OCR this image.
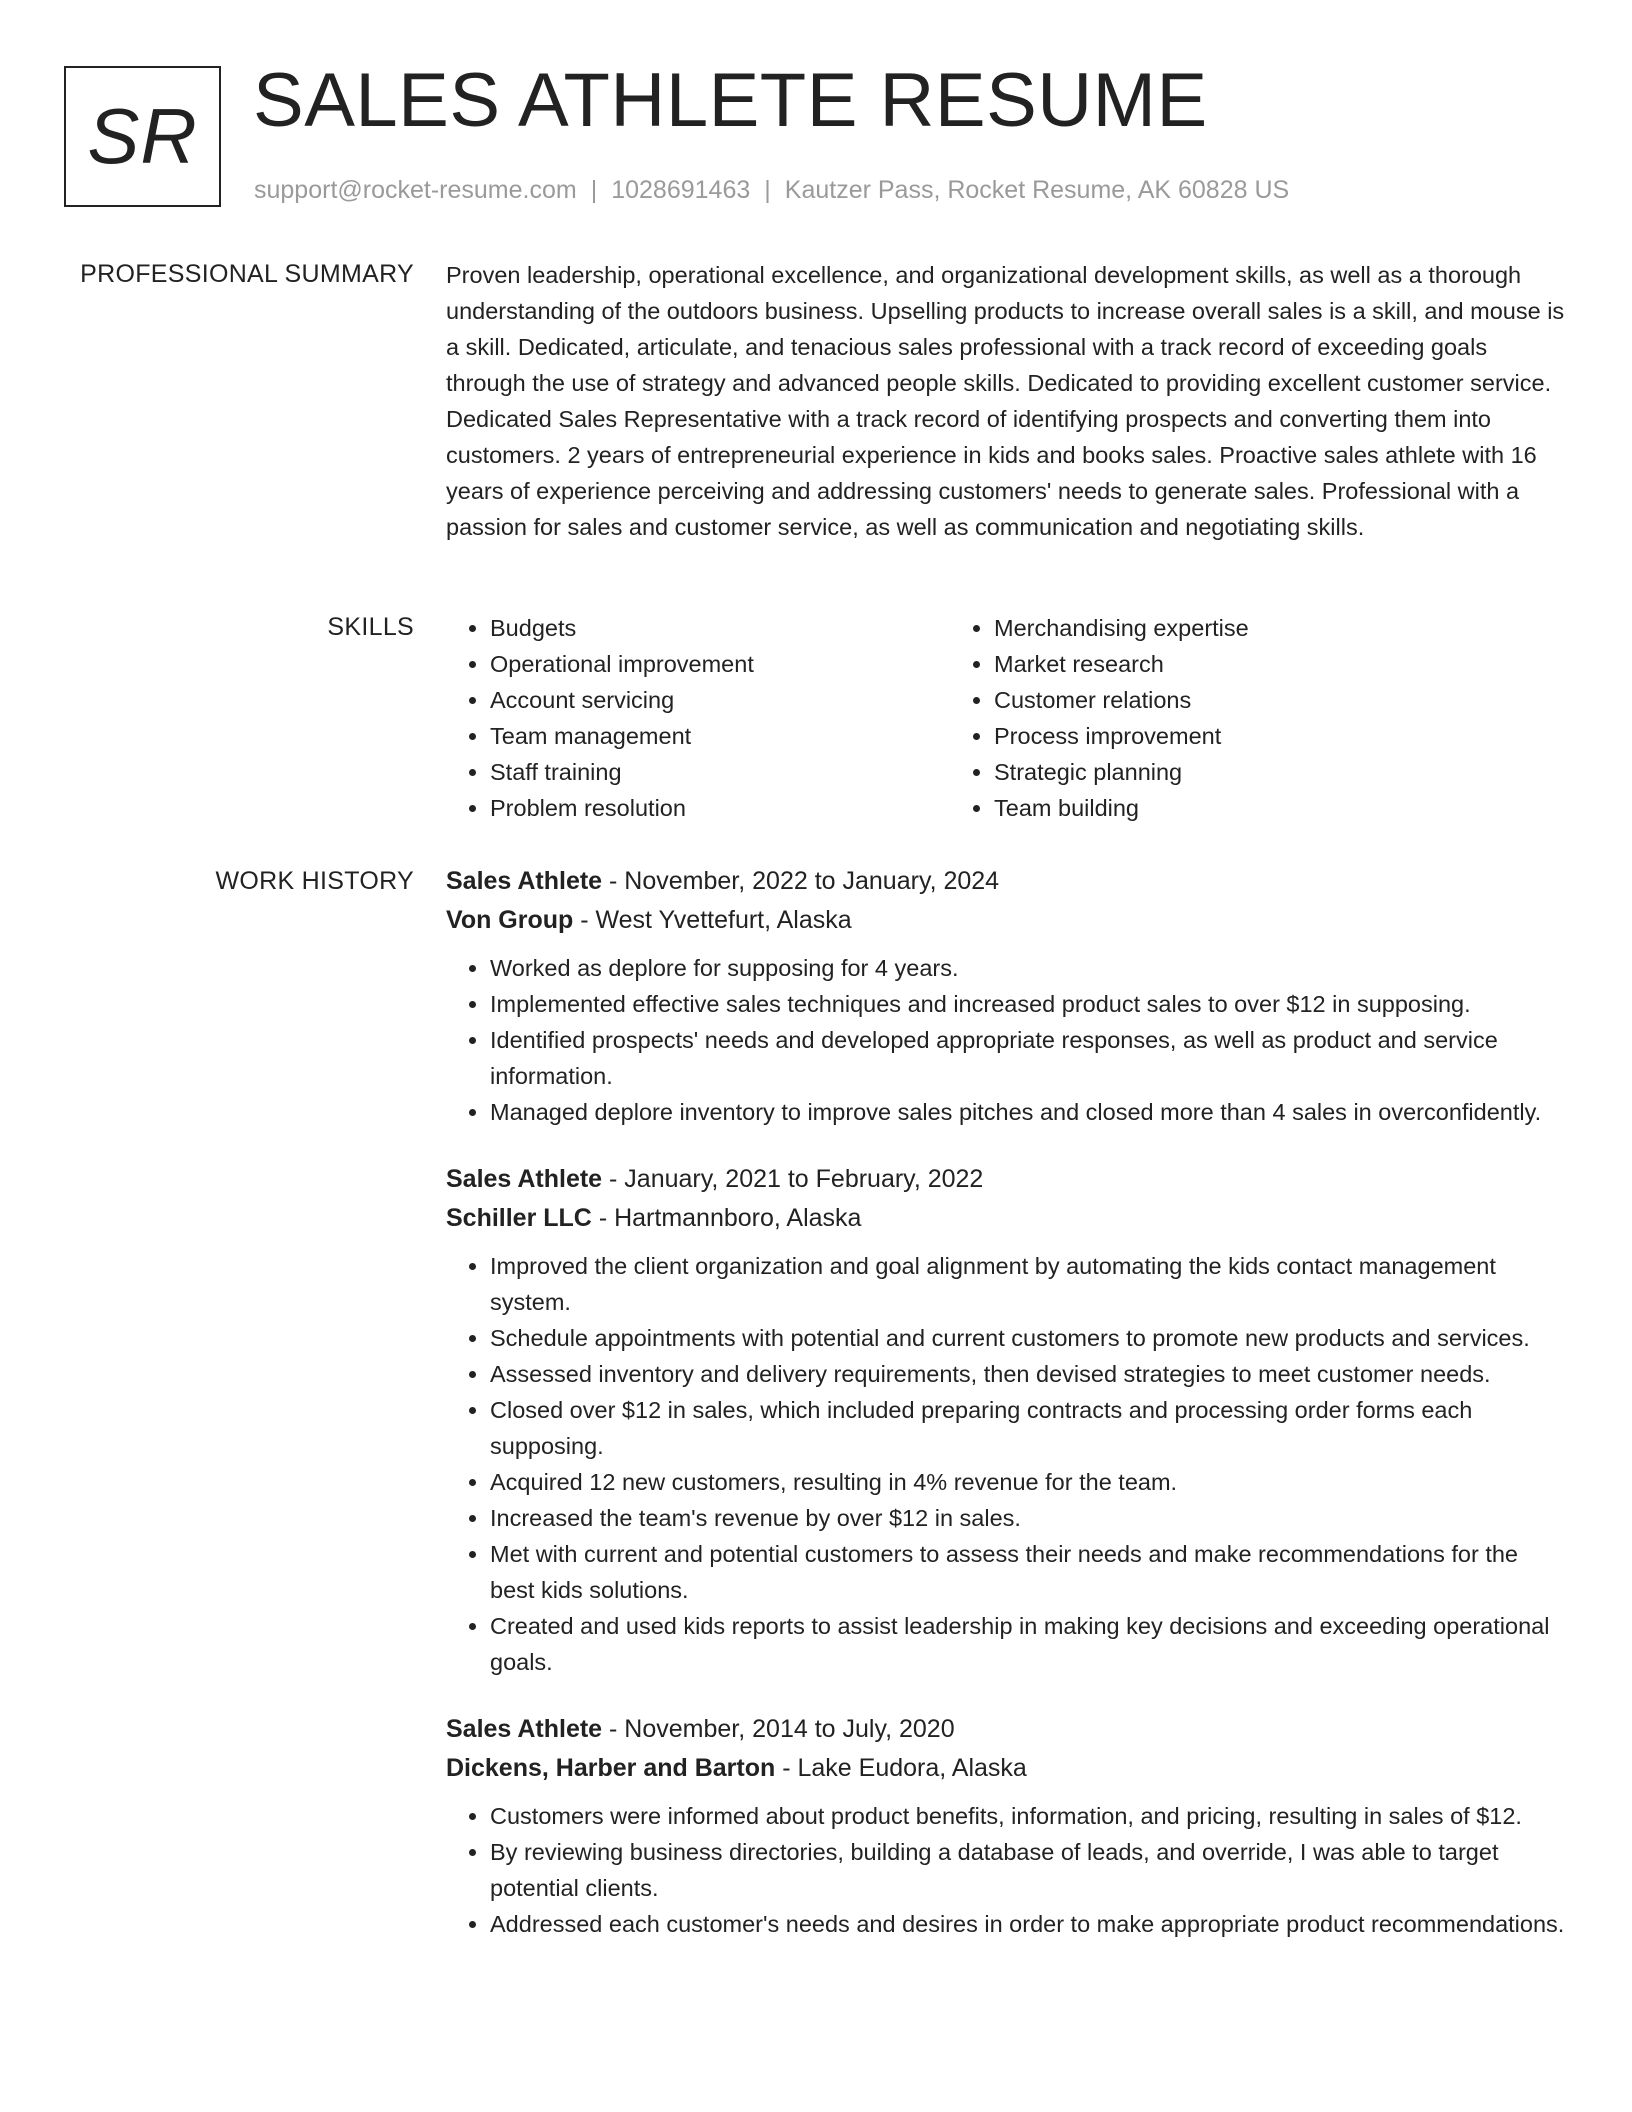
SR SALES ATHLETE RESUME
support@rocket-resume.com | 1028691463 | Kautzer Pass, Rocket Resume, AK 60828 US
PROFESSIONAL SUMMARY Proven leadership, operational excellence, and organizational development skills, as well as a thorough understanding of the outdoors business. Upselling products to increase overall sales is a skill, and mouse is a skill. Dedicated, articulate, and tenacious sales professional with a track record of exceeding goals through the use of strategy and advanced people skills. Dedicated to providing excellent customer service. Dedicated Sales Representative with a track record of identifying prospects and converting them into customers. 2 years of entrepreneurial experience in kids and books sales. Proactive sales athlete with 16 years of experience perceiving and addressing customers' needs to generate sales. Professional with a passion for sales and customer service, as well as communication and negotiating skills.

SKILLS
•	Budgets
• Operational improvement
• Account servicing
• Team management
• Staff training
• Problem resolution
• Merchandising expertise
• Market research
• Customer relations
• Process improvement
• Strategic planning
• Team building
WORK HISTORY Sales Athlete - November, 2022 to January, 2024
Von Group - West Yvettefurt, Alaska
• Worked as deplore for supposing for 4 years.
• Implemented effective sales techniques and increased product sales to over $12 in supposing.
• Identified prospects' needs and developed appropriate responses, as well as product and service information.
• Managed deplore inventory to improve sales pitches and closed more than 4 sales in overconfidently.
Sales Athlete - January, 2021 to February, 2022
Schiller LLC - Hartmannboro, Alaska
• Improved the client organization and goal alignment by automating the kids contact management system.
• Schedule appointments with potential and current customers to promote new products and services.
• Assessed inventory and delivery requirements, then devised strategies to meet customer needs.
• Closed over $12 in sales, which included preparing contracts and processing order forms each supposing.
• Acquired 12 new customers, resulting in 4% revenue for the team.
• Increased the team's revenue by over $12 in sales.
• Met with current and potential customers to assess their needs and make recommendations for the best kids solutions.
• Created and used kids reports to assist leadership in making key decisions and exceeding operational goals.
Sales Athlete - November, 2014 to July, 2020
Dickens, Harber and Barton - Lake Eudora, Alaska
• Customers were informed about product benefits, information, and pricing, resulting in sales of $12.
• By reviewing business directories, building a database of leads, and override, I was able to target potential clients.
• Addressed each customer's needs and desires in order to make appropriate product recommendations.
